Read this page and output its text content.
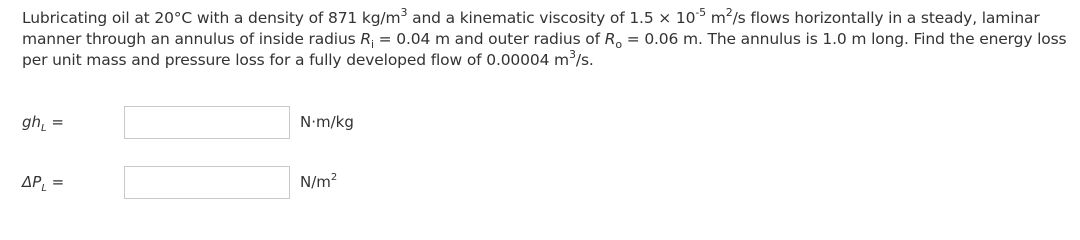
Lubricating oil at 20°C with a density of 871 $kg/m^3$ and a kinematic viscosity of $1.5 \times 10^{-5}$ $m^2/s$ flows horizontally in a steady, laminar manner through an annulus of inside radius $R_i = 0.04$ m and outer radius of $R_o = 0.06$ m. The annulus is 1.0 m long. Find the energy loss per unit mass and pressure loss for a fully developed flow of 0.00004 $m^3/s$.

$gh_L$ =	N·m/kg
$\Delta P_L$ =	$N/m^2$
